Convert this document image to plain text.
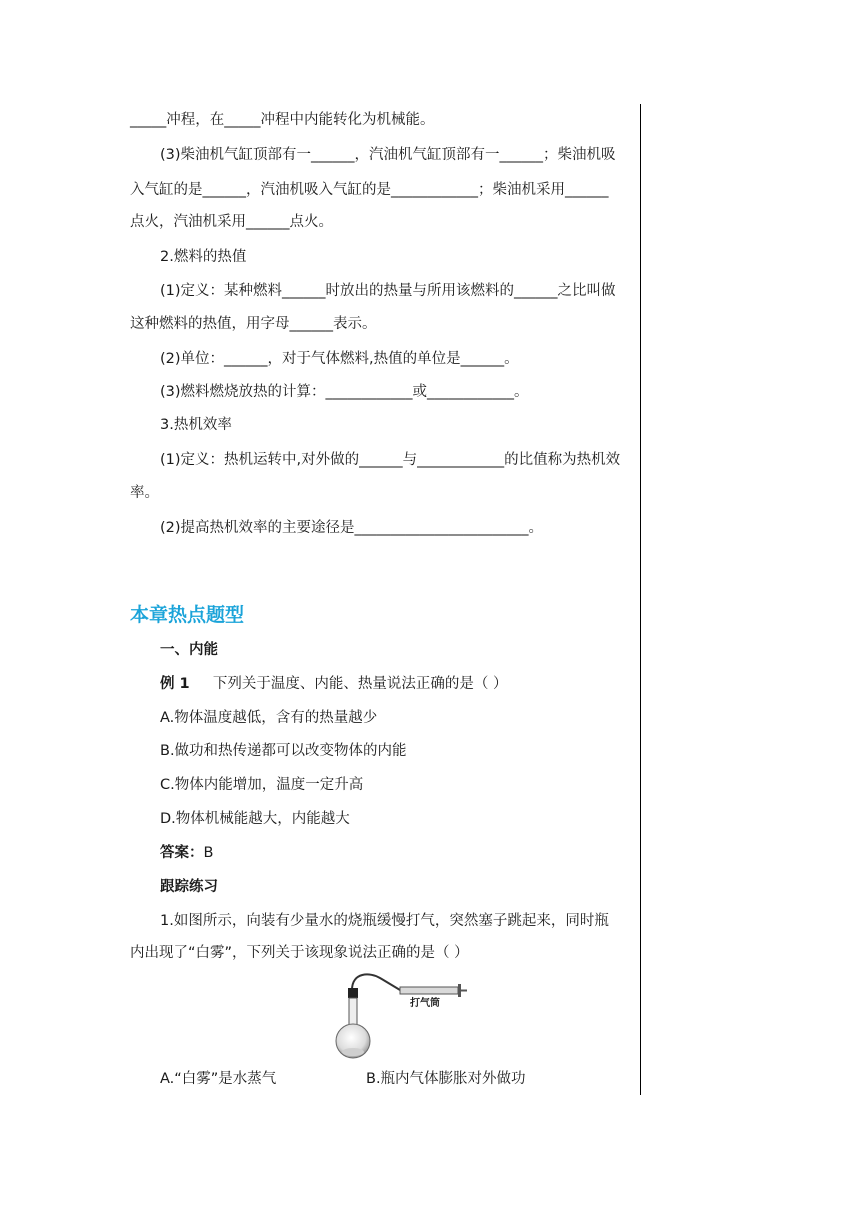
_____冲程，在_____冲程中内能转化为机械能。
(3)柴油机气缸顶部有一______，汽油机气缸顶部有一______；柴油机吸
入气缸的是______，汽油机吸入气缸的是____________；柴油机采用______
点火，汽油机采用______点火。
2.燃料的热值
(1)定义：某种燃料______时放出的热量与所用该燃料的______之比叫做
这种燃料的热值，用字母______表示。
(2)单位：______，对于气体燃料,热值的单位是______。
(3)燃料燃烧放热的计算：____________或____________。
3.热机效率
(1)定义：热机运转中,对外做的______与____________的比值称为热机效
率。
(2)提高热机效率的主要途径是________________________。
本章热点题型
一、内能
例 1 下列关于温度、内能、热量说法正确的是（ ）
A.物体温度越低，含有的热量越少
B.做功和热传递都可以改变物体的内能
C.物体内能增加，温度一定升高
D.物体机械能越大，内能越大
答案：B
跟踪练习
1.如图所示，向装有少量水的烧瓶缓慢打气，突然塞子跳起来，同时瓶
内出现了“白雾”，下列关于该现象说法正确的是（ ）
打气筒
A.“白雾”是水蒸气	B.瓶内气体膨胀对外做功
